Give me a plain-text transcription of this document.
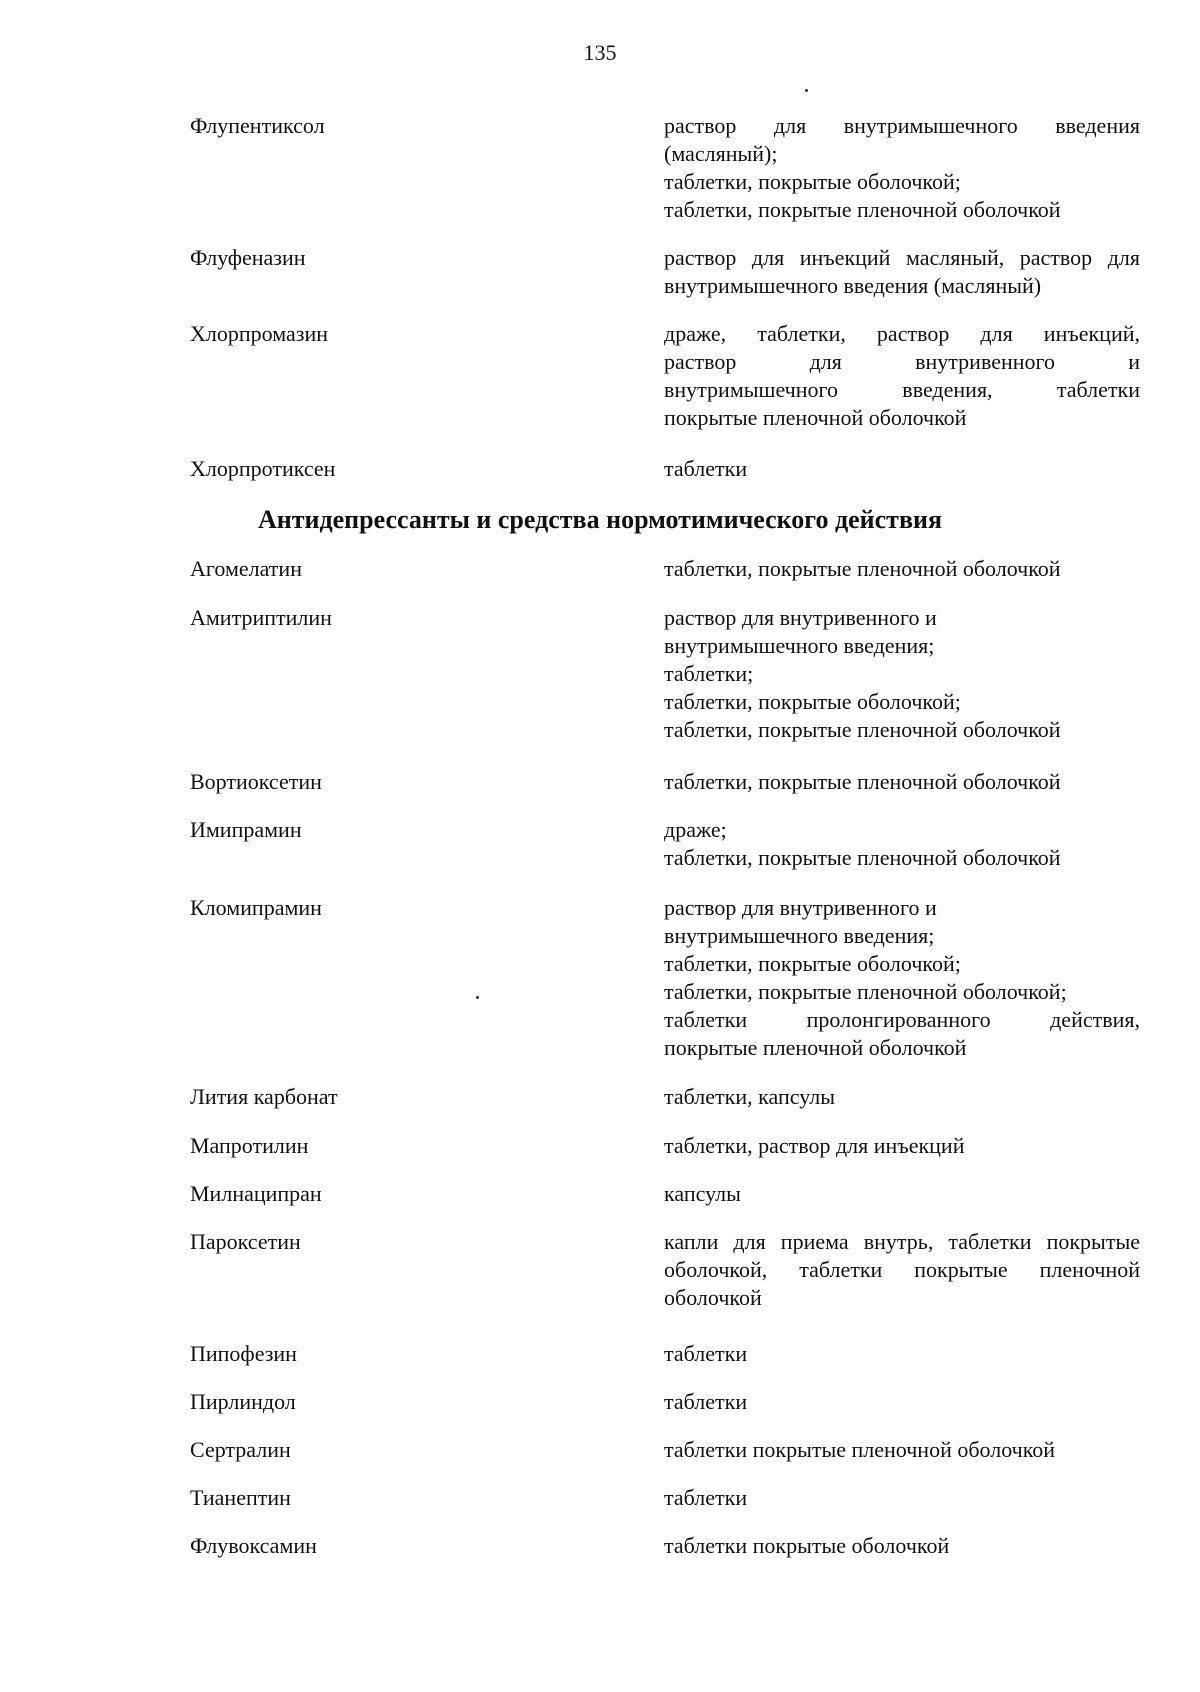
135
Флупентиксол	раствор для внутримышечного введения
(масляный);
таблетки, покрытые оболочкой;
таблетки, покрытые пленочной оболочкой
Флуфеназин	раствор для инъекций масляный, раствор для
внутримышечного введения (масляный)
Хлорпромазин	драже, таблетки, раствор для инъекций,
раствор для внутривенного и
внутримышечного введения, таблетки
покрытые пленочной оболочкой
Хлорпротиксен	таблетки
Антидепрессанты и средства нормотимического действия
Агомелатин	таблетки, покрытые пленочной оболочкой
Амитриптилин	раствор для внутривенного и
внутримышечного введения;
таблетки;
таблетки, покрытые оболочкой;
таблетки, покрытые пленочной оболочкой
Вортиоксетин	таблетки, покрытые пленочной оболочкой
Имипрамин	драже;
таблетки, покрытые пленочной оболочкой
Кломипрамин	раствор для внутривенного и
внутримышечного введения;
таблетки, покрытые оболочкой;
таблетки, покрытые пленочной оболочкой;
таблетки пролонгированного действия,
покрытые пленочной оболочкой
Лития карбонат	таблетки, капсулы
Мапротилин	таблетки, раствор для инъекций
Милнаципран	капсулы
Пароксетин	капли для приема внутрь, таблетки покрытые
оболочкой, таблетки покрытые пленочной
оболочкой
Пипофезин	таблетки
Пирлиндол	таблетки
Сертралин	таблетки покрытые пленочной оболочкой
Тианептин	таблетки
Флувоксамин	таблетки покрытые оболочкой
